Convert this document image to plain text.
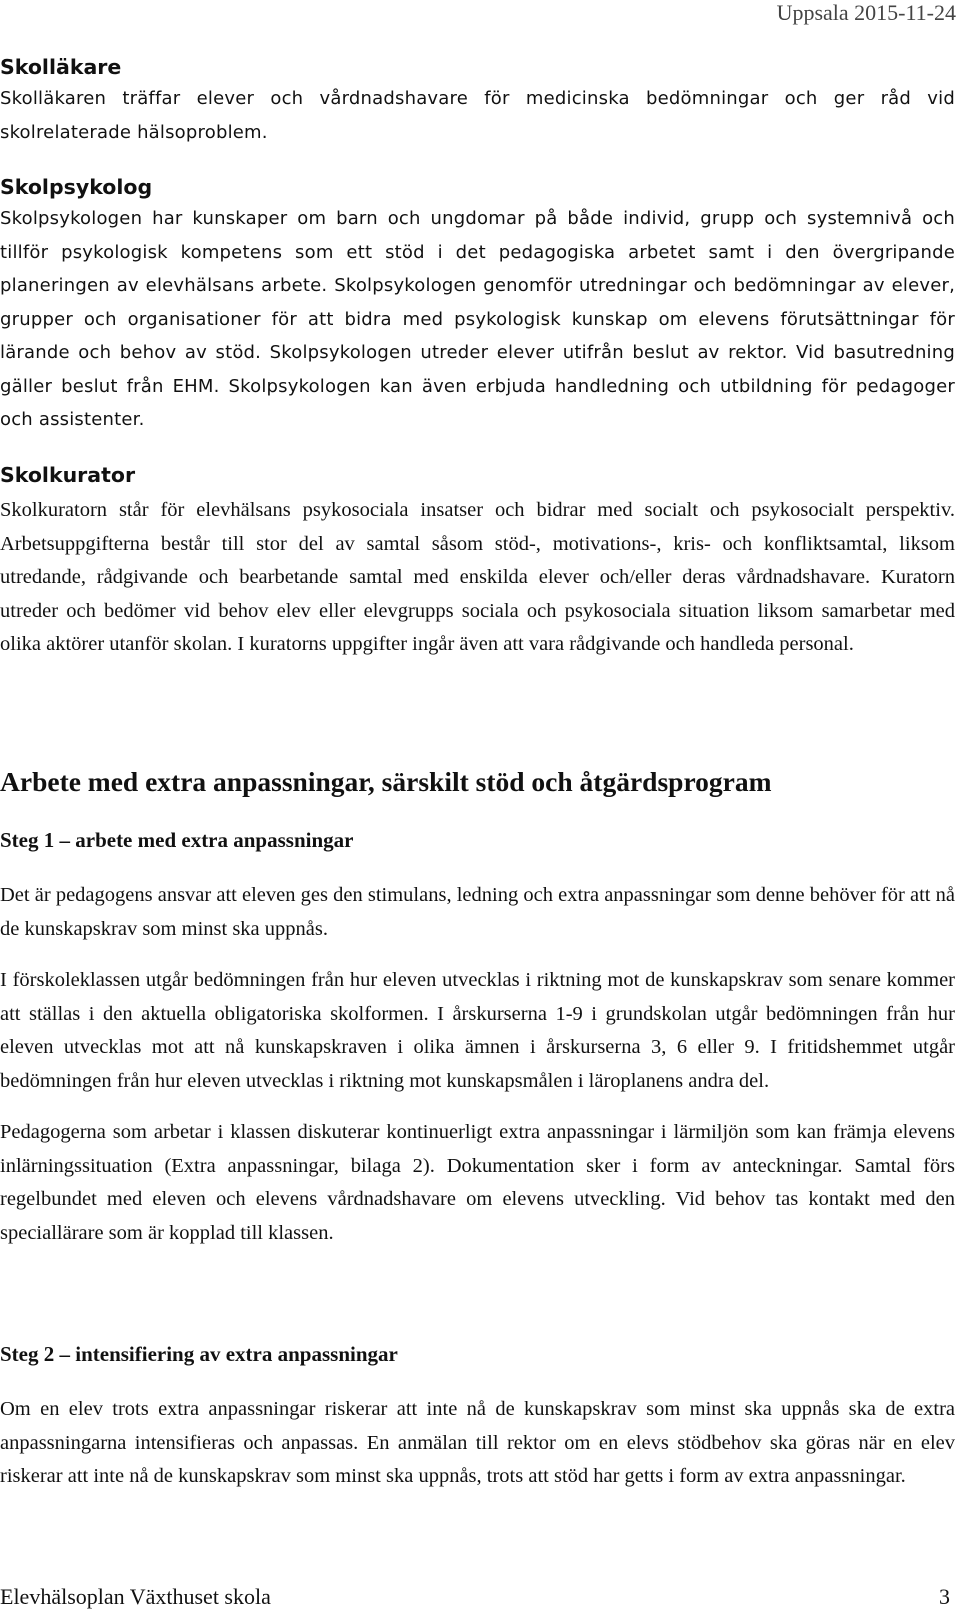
Uppsala 2015-11-24

Skolläkare

Skolläkaren träffar elever och vårdnadshavare för medicinska bedömningar och ger råd vid skolrelaterade hälsoproblem.

Skolpsykolog

Skolpsykologen har kunskaper om barn och ungdomar på både individ, grupp och systemnivå och tillför psykologisk kompetens som ett stöd i det pedagogiska arbetet samt i den övergripande planeringen av elevhälsans arbete. Skolpsykologen genomför utredningar och bedömningar av elever, grupper och organisationer för att bidra med psykologisk kunskap om elevens förutsättningar för lärande och behov av stöd. Skolpsykologen utreder elever utifrån beslut av rektor. Vid basutredning gäller beslut från EHM. Skolpsykologen kan även erbjuda handledning och utbildning för pedagoger och assistenter.

Skolkurator

Skolkuratorn står för elevhälsans psykosociala insatser och bidrar med socialt och psykosocialt perspektiv. Arbetsuppgifterna består till stor del av samtal såsom stöd-, motivations-, kris- och konfliktsamtal, liksom utredande, rådgivande och bearbetande samtal med enskilda elever och/eller deras vårdnadshavare. Kuratorn utreder och bedömer vid behov elev eller elevgrupps sociala och psykosociala situation liksom samarbetar med olika aktörer utanför skolan. I kuratorns uppgifter ingår även att vara rådgivande och handleda personal.

Arbete med extra anpassningar, särskilt stöd och åtgärdsprogram

Steg 1 – arbete med extra anpassningar

Det är pedagogens ansvar att eleven ges den stimulans, ledning och extra anpassningar som denne behöver för att nå de kunskapskrav som minst ska uppnås.

I förskoleklassen utgår bedömningen från hur eleven utvecklas i riktning mot de kunskapskrav som senare kommer att ställas i den aktuella obligatoriska skolformen. I årskurserna 1-9 i grundskolan utgår bedömningen från hur eleven utvecklas mot att nå kunskapskraven i olika ämnen i årskurserna 3, 6 eller 9. I fritidshemmet utgår bedömningen från hur eleven utvecklas i riktning mot kunskapsmålen i läroplanens andra del.

Pedagogerna som arbetar i klassen diskuterar kontinuerligt extra anpassningar i lärmiljön som kan främja elevens inlärningssituation (Extra anpassningar, bilaga 2). Dokumentation sker i form av anteckningar. Samtal förs regelbundet med eleven och elevens vårdnadshavare om elevens utveckling. Vid behov tas kontakt med den speciallärare som är kopplad till klassen.

Steg 2 – intensifiering av extra anpassningar

Om en elev trots extra anpassningar riskerar att inte nå de kunskapskrav som minst ska uppnås ska de extra anpassningarna intensifieras och anpassas. En anmälan till rektor om en elevs stödbehov ska göras när en elev riskerar att inte nå de kunskapskrav som minst ska uppnås, trots att stöd har getts i form av extra anpassningar.

Elevhälsoplan Växthuset skola	3
